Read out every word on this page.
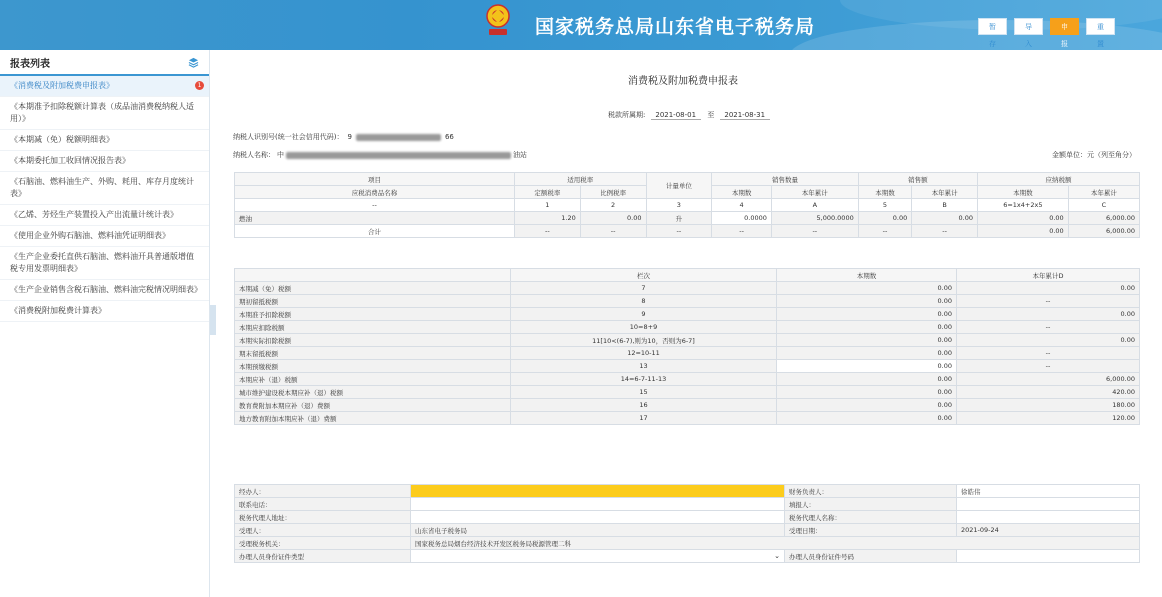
国家税务总局山东省电子税务局	暂存
导入
申报
重置
报表列表
《消费税及附加税费申报表》	1
《本期准予扣除税额计算表（成品油消费税纳税人适用）》
《本期减（免）税额明细表》
《本期委托加工收回情况报告表》
《石脑油、燃料油生产、外购、耗用、库存月度统计表》
《乙烯、芳烃生产装置投入产出流量计统计表》
《使用企业外购石脑油、燃料油凭证明细表》
《生产企业委托直供石脑油、燃料油开具普通版增值税专用发票明细表》
《生产企业销售含税石脑油、燃料油完税情况明细表》
《消费税附加税费计算表》
消费税及附加税费申报表
税款所属期:	2021-08-01	至	2021-08-31
纳税人识别号(统一社会信用代码)： 9	66
纳税人名称： 中	油站	金额单位：元（列至角分）
项目	适用税率		计量单位	销售数量		销售额		应纳税额	
应税消费品名称	定额税率	比例税率		本期数	本年累计	本期数	本年累计	本期数	本年累计
--	1	2	3	4	A	5	B	6=1x4+2x5	C
燃油	1.20	0.00	升	0.0000	5,000.0000	0.00	0.00	0.00	6,000.00
合计	--	--	--	--	--	--	--	0.00	6,000.00
	栏次	本期数	本年累计D
本期减（免）税额	7	0.00	0.00
期初留抵税额	8	0.00	--
本期准予扣除税额	9	0.00	0.00
本期应扣除税额	10=8+9	0.00	--
本期实际扣除税额	11[10<(6-7),则为10，否则为6-7]	0.00	0.00
期末留抵税额	12=10-11	0.00	--
本期预缴税额	13	0.00	--
本期应补（退）税额	14=6-7-11-13	0.00	6,000.00
城市维护建设税本期应补（退）税额	15	0.00	420.00
教育费附加本期应补（退）费额	16	0.00	180.00
地方教育附加本期应补（退）费额	17	0.00	120.00
经办人：		财务负责人：	徐皓伟
联系电话：		填报人：	
税务代理人地址：		税务代理人名称：	
受理人：	山东省电子税务局	受理日期：	2021-09-24
受理税务机关：	国家税务总局烟台经济技术开发区税务局税源管理二科		
办理人员身份证件类型	⌄	办理人员身份证件号码	
